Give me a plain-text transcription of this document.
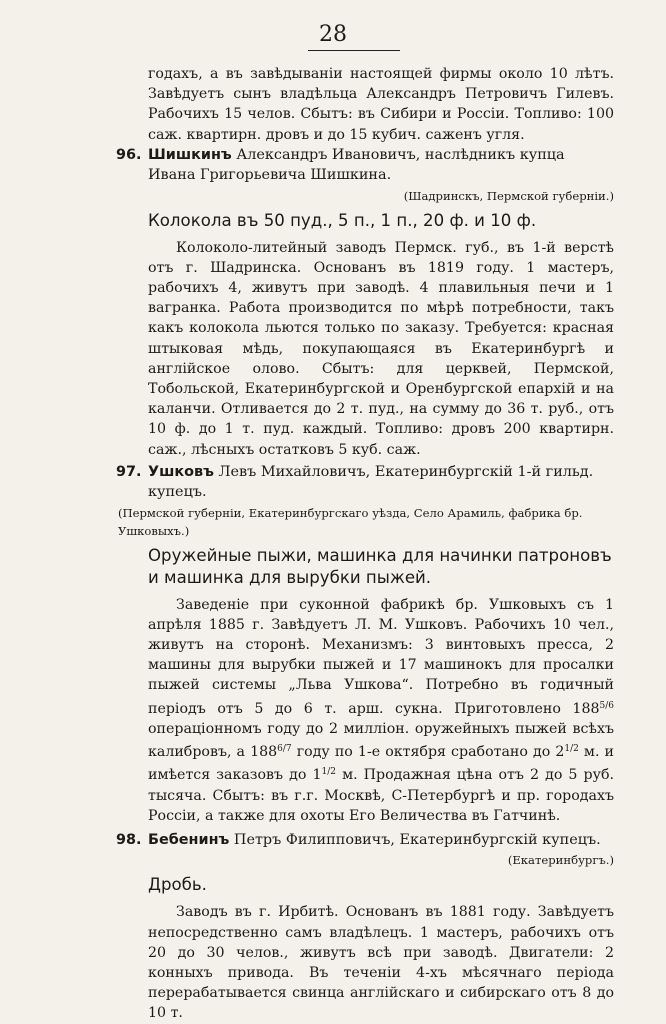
28
годахъ, а въ завѣдываніи настоящей фирмы около 10 лѣтъ. Завѣдуетъ сынъ владѣльца Александръ Петровичъ Гилевъ. Рабочихъ 15 челов. Сбытъ: въ Сибири и Россіи. Топливо: 100 саж. квартирн. дровъ и до 15 кубич. саженъ угля.
96. Шишкинъ Александръ Ивановичъ, наслѣдникъ купца Ивана Григорьевича Шишкина.
(Шадринскъ, Пермской губерніи.)
Колокола въ 50 пуд., 5 п., 1 п., 20 ф. и 10 ф.
Колоколо-литейный заводъ Пермск. губ., въ 1-й верстѣ отъ г. Шадринска. Основанъ въ 1819 году. 1 мастеръ, рабочихъ 4, живутъ при заводѣ. 4 плавильныя печи и 1 вагранка. Работа производится по мѣрѣ потребности, такъ какъ колокола льются только по заказу. Требуется: красная штыковая мѣдь, покупающаяся въ Екатеринбургѣ и англійское олово. Сбытъ: для церквей, Пермской, Тобольской, Екатеринбургской и Оренбургской епархій и на каланчи. Отливается до 2 т. пуд., на сумму до 36 т. руб., отъ 10 ф. до 1 т. пуд. каждый. Топливо: дровъ 200 квартирн. саж., лѣсныхъ остатковъ 5 куб. саж.
97. Ушковъ Левъ Михайловичъ, Екатеринбургскій 1-й гильд. купецъ.
(Пермской губерніи, Екатеринбургскаго уѣзда, Село Арамиль, фабрика бр. Ушковыхъ.)
Оружейные пыжи, машинка для начинки патроновъ и машинка для вырубки пыжей.
Заведеніе при суконной фабрикѣ бр. Ушковыхъ съ 1 апрѣля 1885 г. Завѣдуетъ Л. М. Ушковъ. Рабочихъ 10 чел., живутъ на сторонѣ. Механизмъ: 3 винтовыхъ пресса, 2 машины для вырубки пыжей и 17 машинокъ для просалки пыжей системы „Льва Ушкова“. Потребно въ годичный періодъ отъ 5 до 6 т. арш. сукна. Приготовлено $188^{5/6}$ операціонномъ году до 2 милліон. оружейныхъ пыжей всѣхъ калибровъ, а $188^{6/7}$ году по 1-е октября сработано до $2^{1/2}$ м. и имѣется заказовъ до $1^{1/2}$ м. Продажная цѣна отъ 2 до 5 руб. тысяча. Сбытъ: въ г.г. Москвѣ, С-Петербургѣ и пр. городахъ Россіи, а также для охоты Его Величества въ Гатчинѣ.
98. Бебенинъ Петръ Филипповичъ, Екатеринбургскій купецъ.
(Екатеринбургъ.)
Дробь.
Заводъ въ г. Ирбитѣ. Основанъ въ 1881 году. Завѣдуетъ непосредственно самъ владѣлецъ. 1 мастеръ, рабочихъ отъ 20 до 30 челов., живутъ всѣ при заводѣ. Двигатели: 2 конныхъ привода. Въ теченіи 4-хъ мѣсячнаго періода перерабатывается свинца англійскаго и сибирскаго отъ 8 до 10 т.
